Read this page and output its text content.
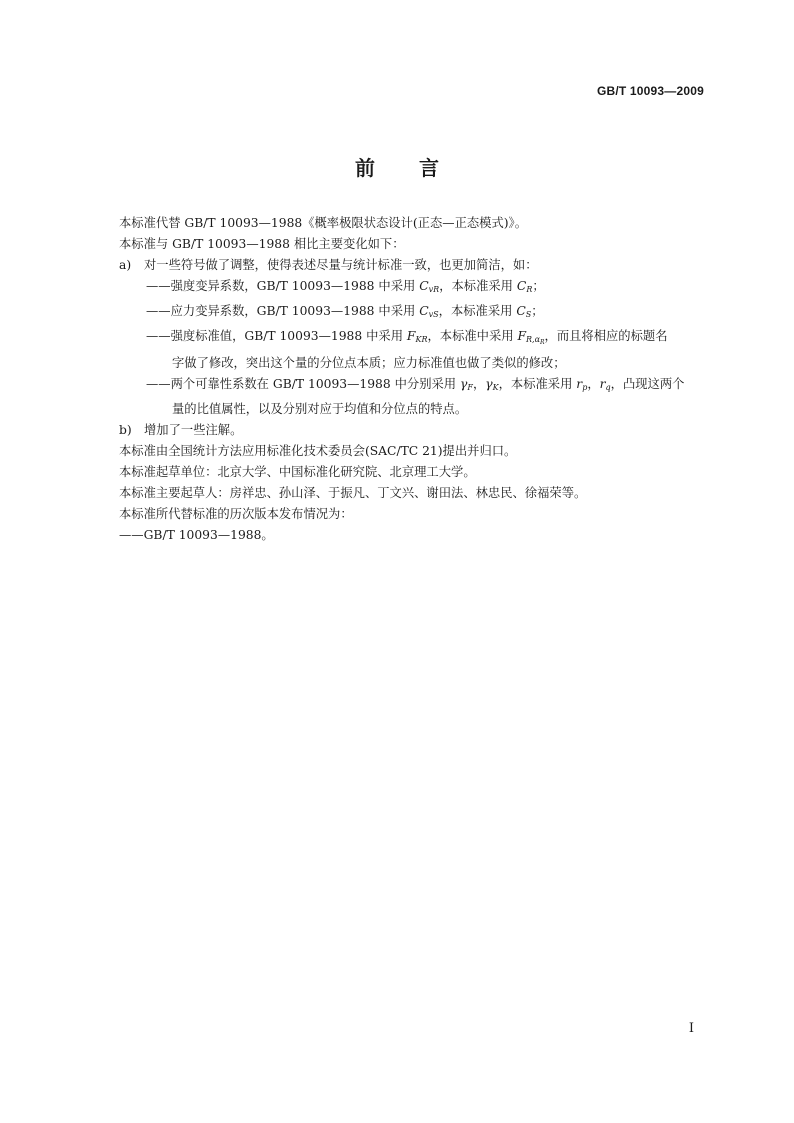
GB/T 10093—2009
前言
本标准代替 GB/T 10093—1988《概率极限状态设计(正态—正态模式)》。
本标准与 GB/T 10093—1988 相比主要变化如下：
a) 对一些符号做了调整，使得表述尽量与统计标准一致，也更加简洁，如：
——强度变异系数，GB/T 10093—1988 中采用 $C_{vR}$，本标准采用 $C_R$；
——应力变异系数，GB/T 10093—1988 中采用 $C_{vS}$，本标准采用 $C_S$；
——强度标准值，GB/T 10093—1988 中采用 $F_{KR}$，本标准中采用 $F_{R,\alpha R}$，而且将相应的标题名
字做了修改，突出这个量的分位点本质；应力标准值也做了类似的修改；
——两个可靠性系数在 GB/T 10093—1988 中分别采用 $\gamma_F$，$\gamma_K$，本标准采用 $r_p$，$r_q$，凸现这两个
量的比值属性，以及分别对应于均值和分位点的特点。
b) 增加了一些注解。
本标准由全国统计方法应用标准化技术委员会(SAC/TC 21)提出并归口。
本标准起草单位：北京大学、中国标准化研究院、北京理工大学。
本标准主要起草人：房祥忠、孙山泽、于振凡、丁文兴、谢田法、林忠民、徐福荣等。
本标准所代替标准的历次版本发布情况为：
——GB/T 10093—1988。
I
